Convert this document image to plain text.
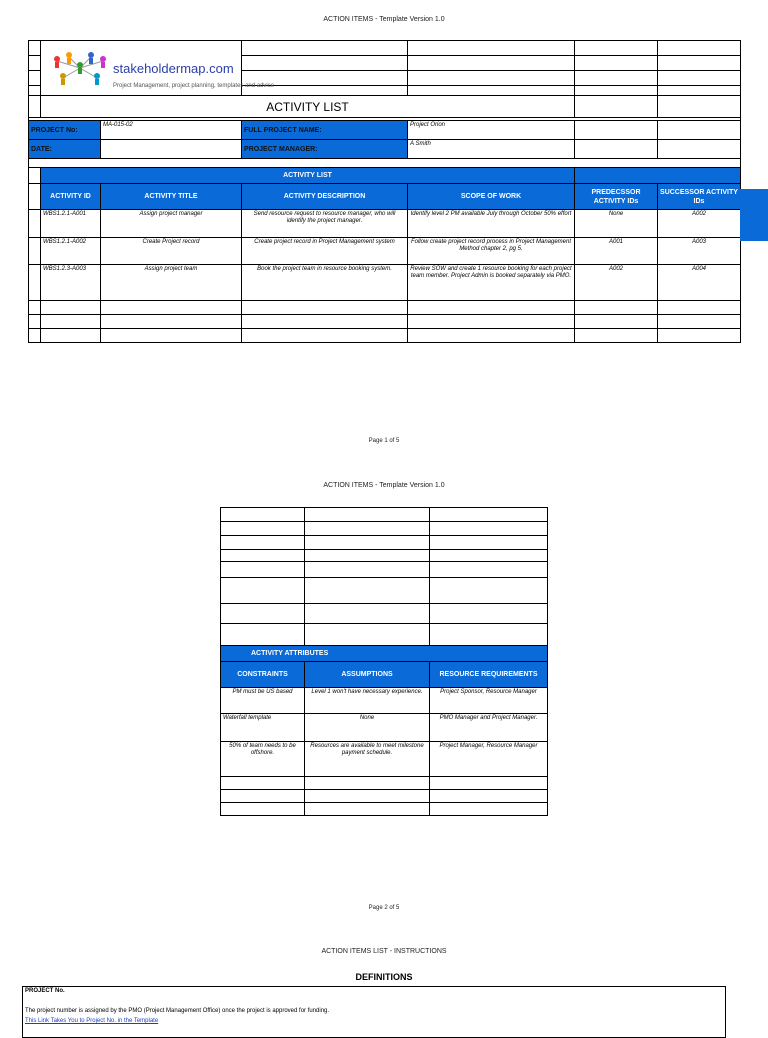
ACTION ITEMS - Template Version 1.0

	stakeholdermap.com
Project Management, project planning, templates and advice					

	ACTIVITY LIST					

PROJECT No:		MA-015-02	FULL PROJECT NAME:	Project Orion		
DATE:			PROJECT MANAGER:	A Smith		

	ACTIVITY LIST					
	ACTIVITY ID	ACTIVITY TITLE	ACTIVITY DESCRIPTION	SCOPE OF WORK	PREDECSSOR ACTIVITY IDs	SUCCESSOR ACTIVITY IDs
	WBS1.2.1-A001	Assign project manager	Send resource request to resource manager, who will identify the project manager.	Identify level 2 PM available July through October 50% effort	None	A002
	WBS1.2.1-A002	Create Project record	Create project record in Project Management system	Follow create project record process in Project Management Method chapter 2, pg 5.	A001	A003
	WBS1.2.3-A003	Assign project team	Book the project team in resource booking system.	Review SOW and create 1 resource booking for each project team member. Project Admin is booked separately via PMO.	A002	A004

Page 1 of 5
ACTION ITEMS - Template Version 1.0

ACTIVITY ATTRIBUTES		
CONSTRAINTS	ASSUMPTIONS	RESOURCE REQUIREMENTS
PM must be US based	Level 1 won't have necessary experience.	Project Sponsor, Resource Manager
Waterfall template	None	PMO Manager and Project Manager.
50% of team needs to be offshore.	Resources are available to meet milestone payment schedule.	Project Manager, Resource Manager

Page 2 of 5
ACTION ITEMS LIST - INSTRUCTIONS
DEFINITIONS
PROJECT No.
The project number is assigned by the PMO (Project Management Office) once the project is approved for funding.
This Link Takes You to Project No. in the Template
